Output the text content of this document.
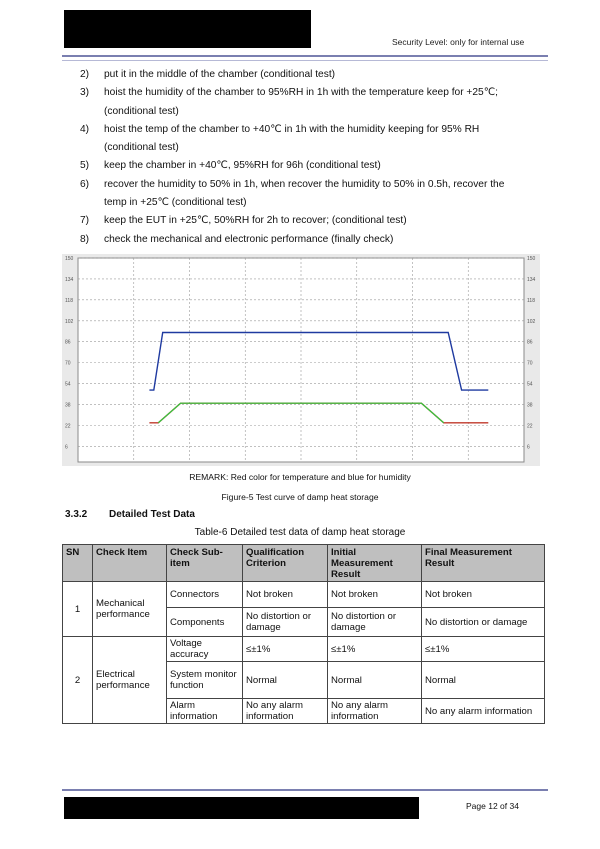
Security Level: only for internal use
2)	put it in the middle of the chamber (conditional test)
3)	hoist the humidity of the chamber to 95%RH in 1h with the temperature keep for +25℃;
(conditional test)
4)	hoist the temp of the chamber to +40℃ in 1h with the humidity keeping for 95% RH
(conditional test)
5)	keep the chamber in +40℃, 95%RH for 96h (conditional test)
6)	recover the humidity to 50% in 1h, when recover the humidity to 50% in 0.5h, recover the
temp in +25℃ (conditional test)
7)	keep the EUT in +25℃, 50%RH for 2h to recover; (conditional test)
8)	check the mechanical and electronic performance (finally check)
150	150
134	134
118	118
102	102
86	86
70	70
54	54
38	38
22	22
6	6
REMARK: Red color for temperature and blue for humidity
Figure-5 Test curve of damp heat storage
3.3.2 Detailed Test Data
Table-6 Detailed test data of damp heat storage
SN	Check Item	Check Sub-item	Qualification Criterion	Initial Measurement Result	Final Measurement Result
1	Mechanical performance	Connectors	Not broken	Not broken	Not broken
		Components	No distortion or damage	No distortion or damage	No distortion or damage
2	Electrical performance	Voltage accuracy	≤±1%	≤±1%	≤±1%
		System monitor function	Normal	Normal	Normal
		Alarm information	No any alarm information	No any alarm information	No any alarm information
Page 12 of 34
